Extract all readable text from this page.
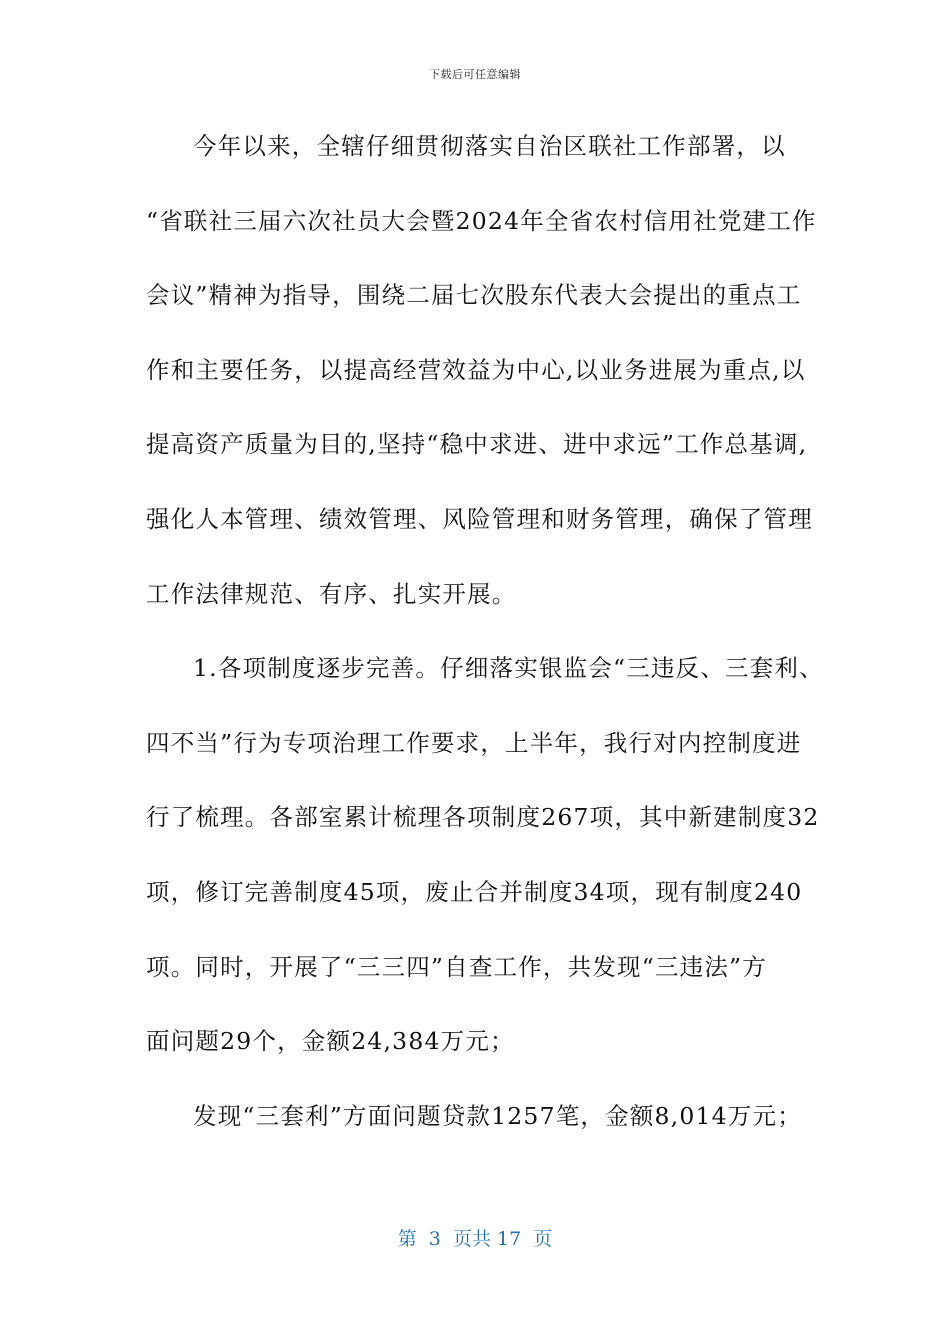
下载后可任意编辑
今年以来，全辖仔细贯彻落实自治区联社工作部署，以
“省联社三届六次社员大会暨2024年全省农村信用社党建工作
会议”精神为指导，围绕二届七次股东代表大会提出的重点工
作和主要任务，以提高经营效益为中心,以业务进展为重点,以
提高资产质量为目的,坚持“稳中求进、进中求远”工作总基调,
强化人本管理、绩效管理、风险管理和财务管理，确保了管理
工作法律规范、有序、扎实开展。
1.各项制度逐步完善。仔细落实银监会“三违反、三套利、
四不当”行为专项治理工作要求，上半年，我行对内控制度进
行了梳理。各部室累计梳理各项制度267项，其中新建制度32
项，修订完善制度45项，废止合并制度34项，现有制度240
项。同时，开展了“三三四”自查工作，共发现“三违法”方
面问题29个，金额24,384万元；
发现“三套利”方面问题贷款1257笔，金额8,014万元；
第  3  页共 17  页
